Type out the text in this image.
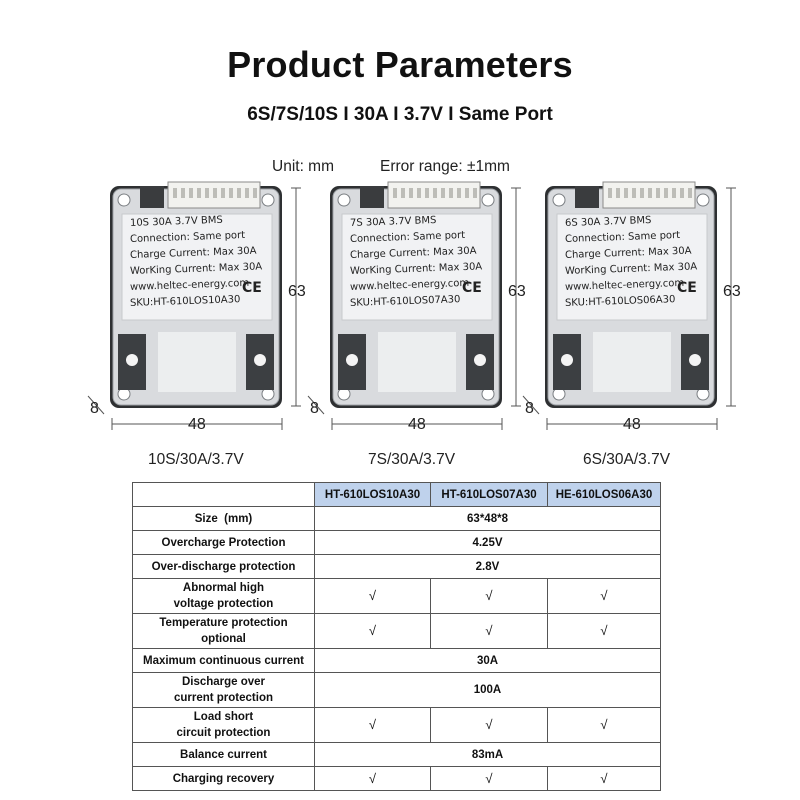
Product Parameters
6S/7S/10S I 30A I 3.7V I Same Port
Unit: mm	Error range: ±1mm
10S 30A 3.7V BMS
Connection: Same port
Charge Current: Max 30A
WorKing Current: Max 30A
www.heltec-energy.com
SKU:HT-610LOS10A30
CE 63
48
8
10S/30A/3.7V
7S 30A 3.7V BMS
Connection: Same port
Charge Current: Max 30A
WorKing Current: Max 30A
www.heltec-energy.com
SKU:HT-610LOS07A30
CE 63
48
8
7S/30A/3.7V
6S 30A 3.7V BMS
Connection: Same port
Charge Current: Max 30A
WorKing Current: Max 30A
www.heltec-energy.com
SKU:HT-610LOS06A30
CE 63
48
8
6S/30A/3.7V
	HT-610LOS10A30	HT-610LOS07A30	HE-610LOS06A30
Size  (mm)	63*48*8		
Overcharge Protection	4.25V		
Over-discharge protection	2.8V		
Abnormal high
voltage protection	√	√	√
Temperature protection
optional	√	√	√
Maximum continuous current	30A		
Discharge over
current protection	100A		
Load short
circuit protection	√	√	√
Balance current	83mA		
Charging recovery	√	√	√
